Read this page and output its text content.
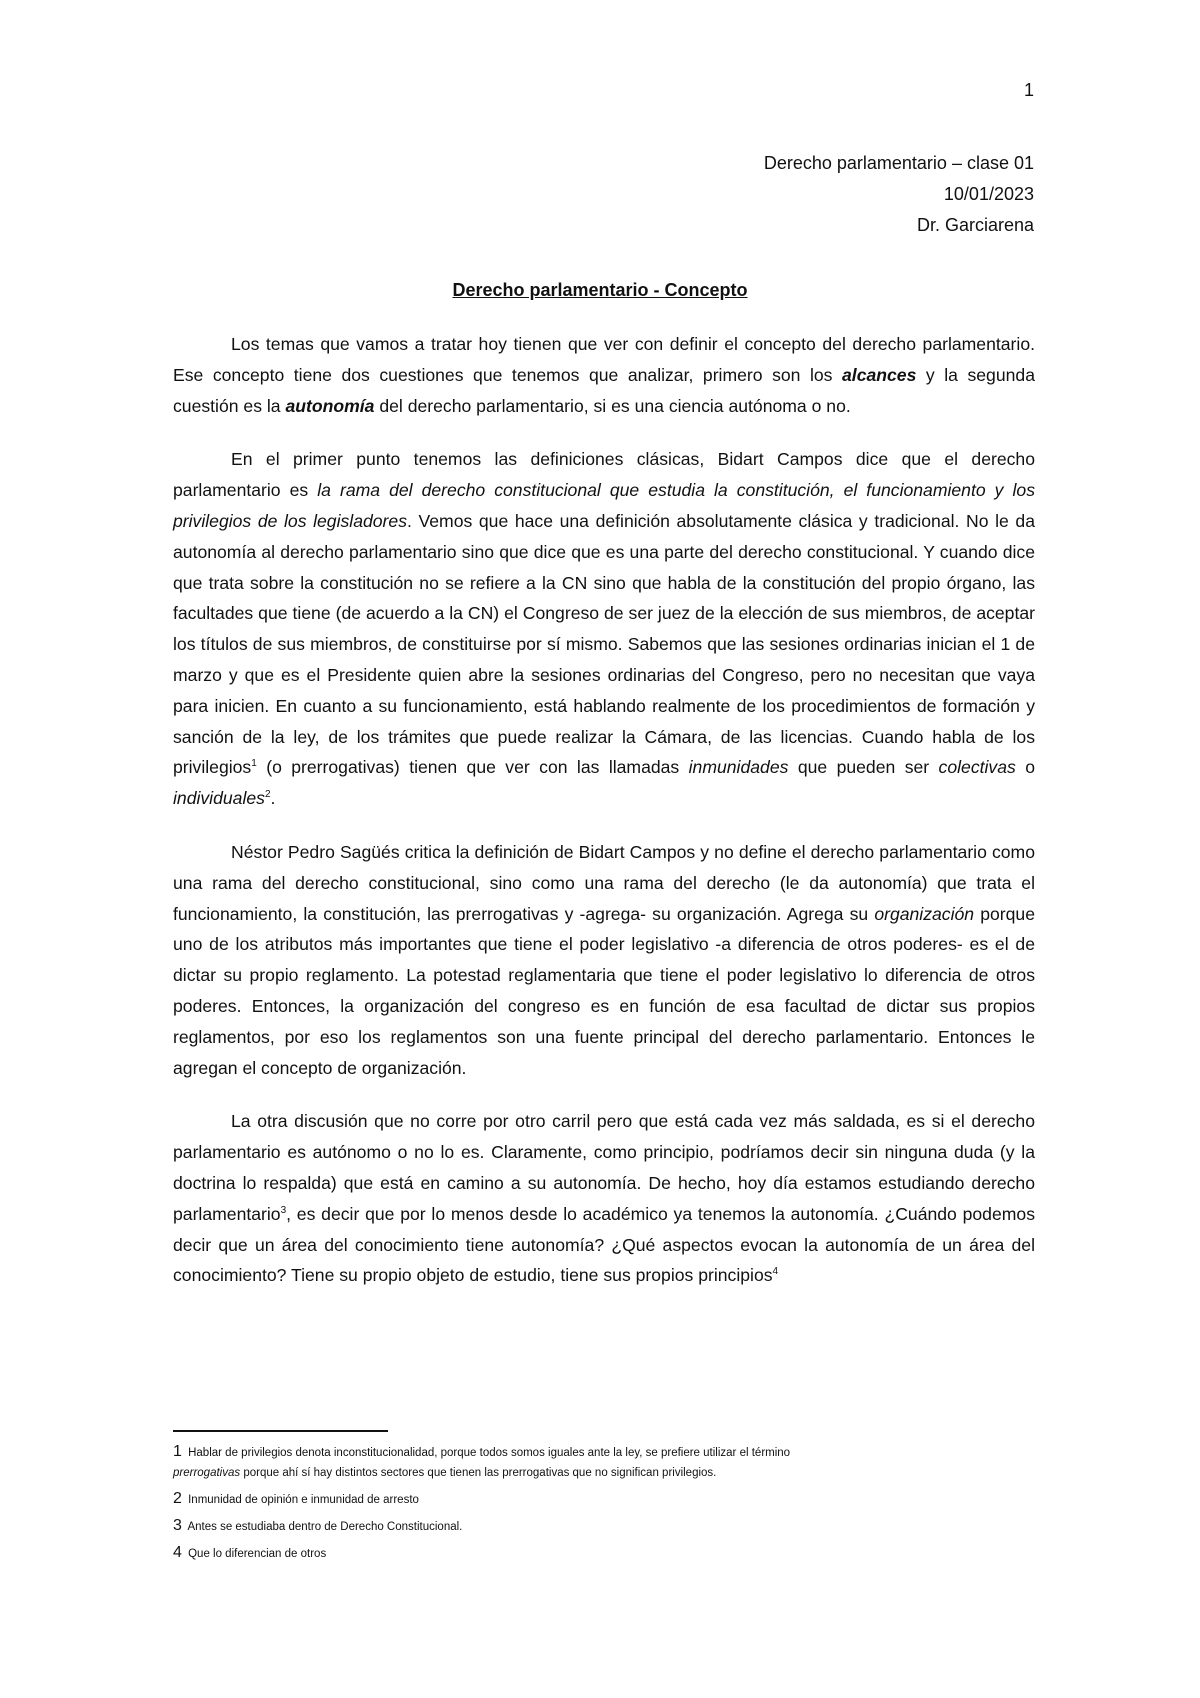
1
Derecho parlamentario – clase 01
10/01/2023
Dr. Garciarena
Derecho parlamentario - Concepto

Los temas que vamos a tratar hoy tienen que ver con definir el concepto del derecho parlamentario. Ese concepto tiene dos cuestiones que tenemos que analizar, primero son los alcances y la segunda cuestión es la autonomía del derecho parlamentario, si es una ciencia autónoma o no.

En el primer punto tenemos las definiciones clásicas, Bidart Campos dice que el derecho parlamentario es la rama del derecho constitucional que estudia la constitución, el funcionamiento y los privilegios de los legisladores. Vemos que hace una definición absolutamente clásica y tradicional. No le da autonomía al derecho parlamentario sino que dice que es una parte del derecho constitucional. Y cuando dice que trata sobre la constitución no se refiere a la CN sino que habla de la constitución del propio órgano, las facultades que tiene (de acuerdo a la CN) el Congreso de ser juez de la elección de sus miembros, de aceptar los títulos de sus miembros, de constituirse por sí mismo. Sabemos que las sesiones ordinarias inician el 1 de marzo y que es el Presidente quien abre la sesiones ordinarias del Congreso, pero no necesitan que vaya para inicien. En cuanto a su funcionamiento, está hablando realmente de los procedimientos de formación y sanción de la ley, de los trámites que puede realizar la Cámara, de las licencias. Cuando habla de los privilegios$^1$ (o prerrogativas) tienen que ver con las llamadas inmunidades que pueden ser colectivas o individuales$^2$.

Néstor Pedro Sagüés critica la definición de Bidart Campos y no define el derecho parlamentario como una rama del derecho constitucional, sino como una rama del derecho (le da autonomía) que trata el funcionamiento, la constitución, las prerrogativas y -agrega- su organización. Agrega su organización porque uno de los atributos más importantes que tiene el poder legislativo -a diferencia de otros poderes- es el de dictar su propio reglamento. La potestad reglamentaria que tiene el poder legislativo lo diferencia de otros poderes. Entonces, la organización del congreso es en función de esa facultad de dictar sus propios reglamentos, por eso los reglamentos son una fuente principal del derecho parlamentario. Entonces le agregan el concepto de organización.

La otra discusión que no corre por otro carril pero que está cada vez más saldada, es si el derecho parlamentario es autónomo o no lo es. Claramente, como principio, podríamos decir sin ninguna duda (y la doctrina lo respalda) que está en camino a su autonomía. De hecho, hoy día estamos estudiando derecho parlamentario$^3$, es decir que por lo menos desde lo académico ya tenemos la autonomía. ¿Cuándo podemos decir que un área del conocimiento tiene autonomía? ¿Qué aspectos evocan la autonomía de un área del conocimiento? Tiene su propio objeto de estudio, tiene sus propios principios$^4$

1 Hablar de privilegios denota inconstitucionalidad, porque todos somos iguales ante la ley, se prefiere utilizar el término
prerrogativas porque ahí sí hay distintos sectores que tienen las prerrogativas que no significan privilegios.
2 Inmunidad de opinión e inmunidad de arresto
3 Antes se estudiaba dentro de Derecho Constitucional.
4 Que lo diferencian de otros
